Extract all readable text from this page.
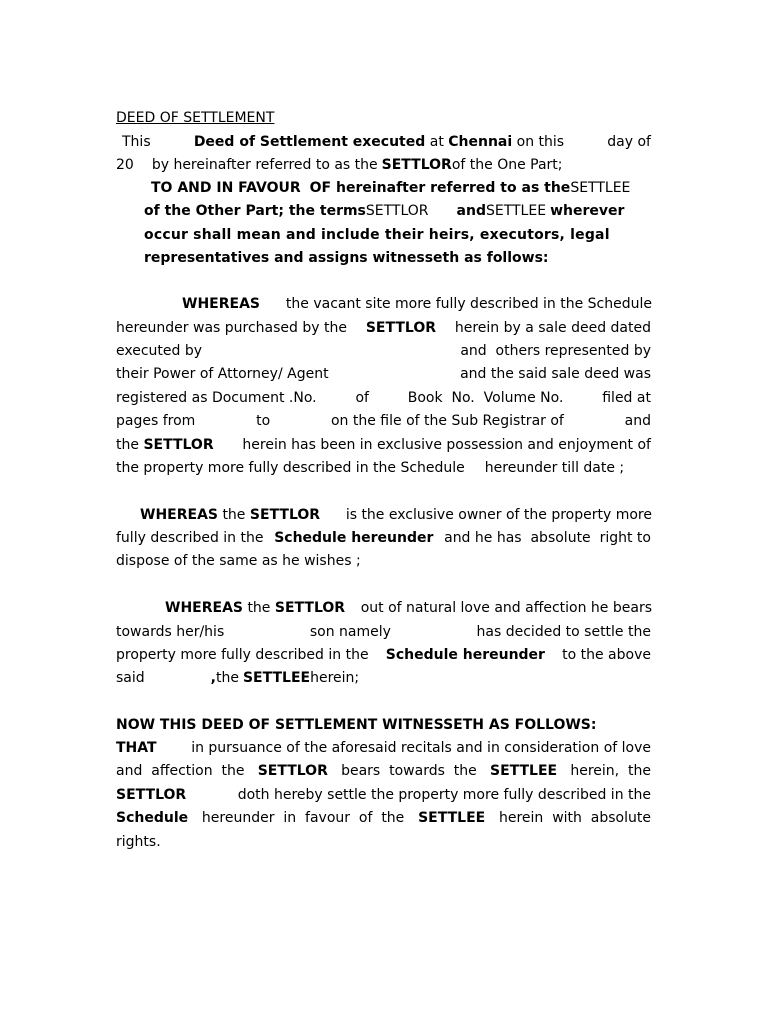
DEED OF SETTLEMENT
This	Deed of Settlement executed at Chennai on this	day of
20 by hereinafter referred to as the SETTLOR of the One Part;
TO AND IN FAVOUR OF hereinafter referred to as the SETTLEE
of the Other Part; the terms SETTLOR and SETTLEE wherever
occur shall mean and include their heirs, executors, legal
representatives and assigns witnesseth as follows:
WHEREAS the vacant site more fully described in the Schedule
hereunder was purchased by the SETTLOR herein by a sale deed dated
executed by	and  others represented by
their Power of Attorney/ Agent	and the said sale deed was
registered as Document .No.	of	Book  No.  Volume No.	filed at
pages from	to	on the file of the Sub Registrar of	and
the SETTLOR herein has been in exclusive possession and enjoyment of
the property more fully described in the Schedule hereunder till date ;
WHEREAS the SETTLOR is the exclusive owner of the property more
fully described in the Schedule hereunder and he has  absolute  right to
dispose of the same as he wishes ;
WHEREAS the SETTLOR out of natural love and affection he bears
towards her/his	son namely	has decided to settle the
property more fully described in the Schedule hereunder to the above
said	, the SETTLEE herein;
NOW THIS DEED OF SETTLEMENT WITNESSETH AS FOLLOWS:
THAT in pursuance of the aforesaid recitals and in consideration of love
and  affection  the SETTLOR bears  towards  the SETTLEE herein,  the
SETTLOR	doth hereby settle the property more fully described in the
Schedule hereunder  in  favour  of  the SETTLEE herein  with  absolute
rights.
